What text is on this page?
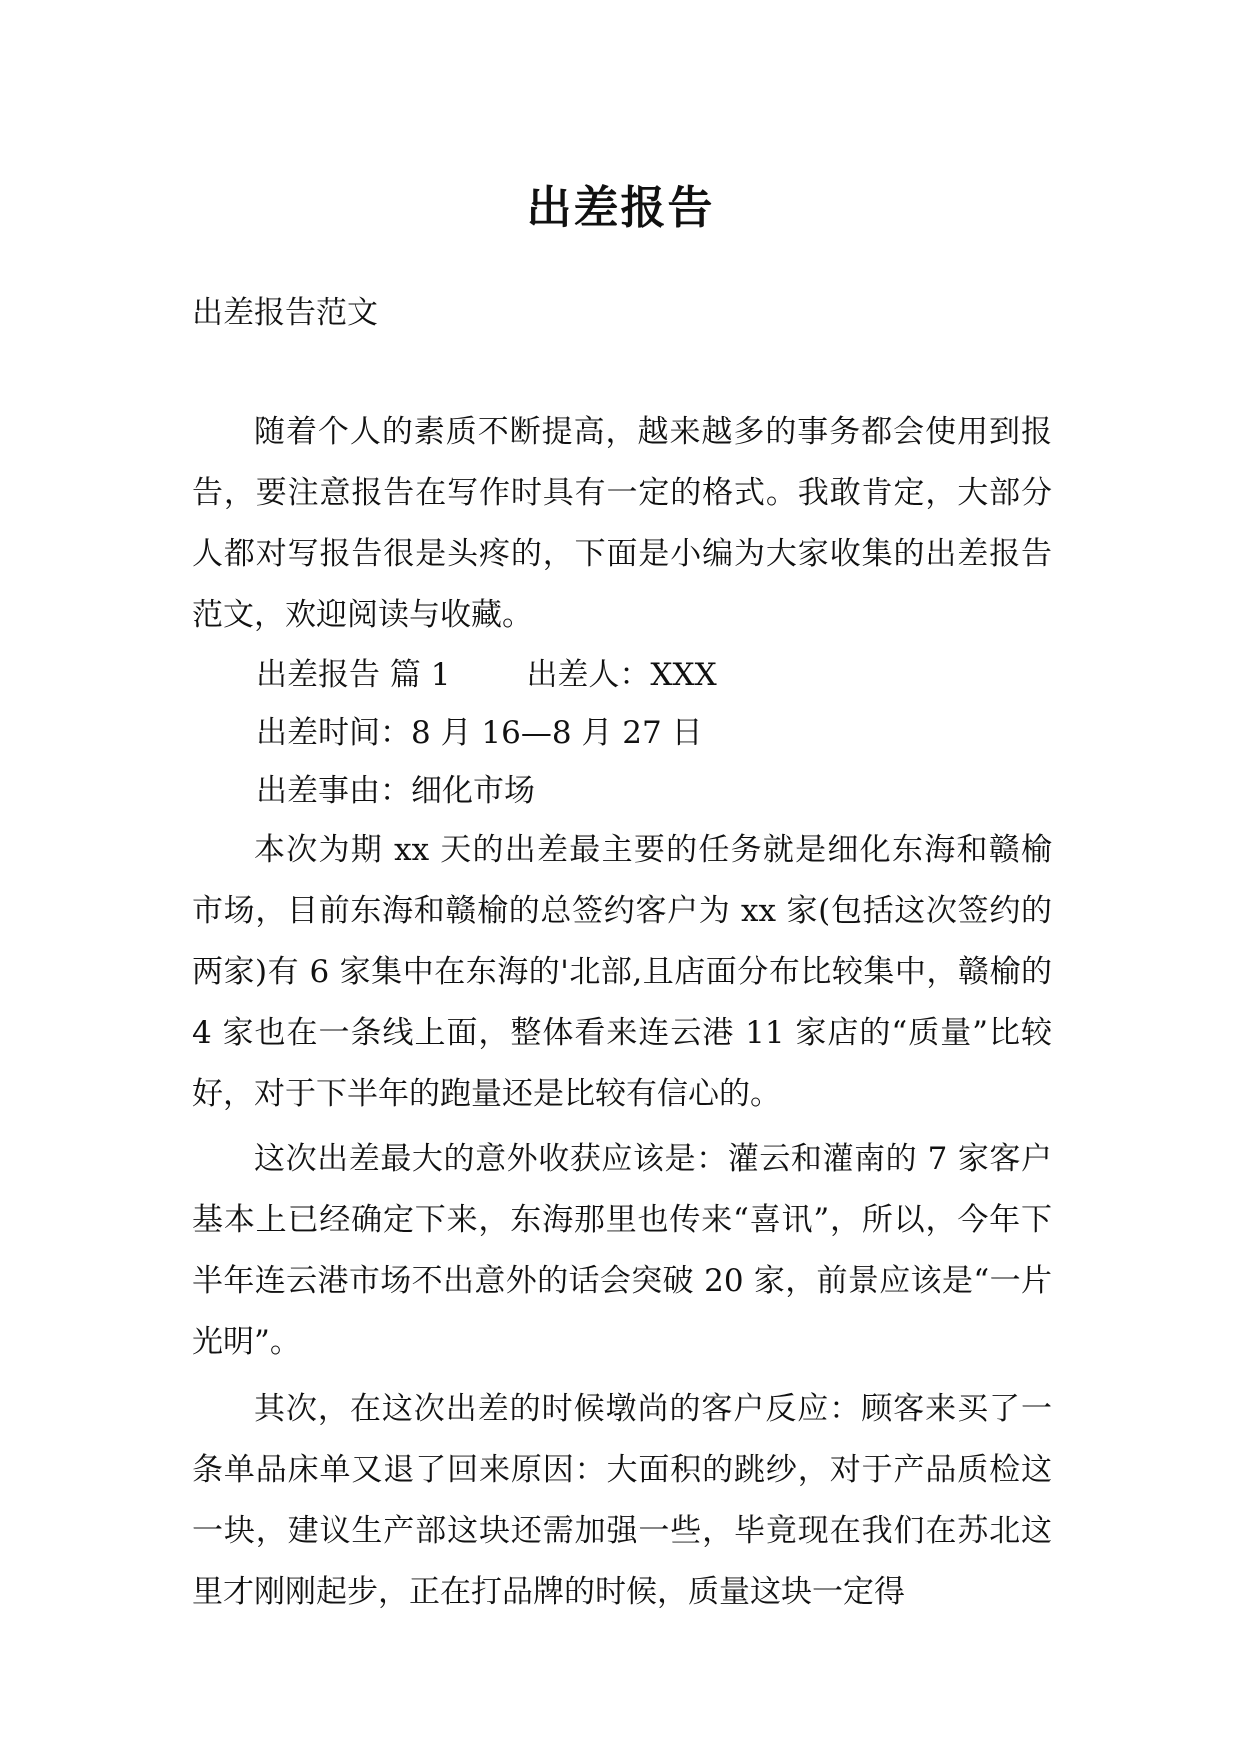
出差报告
出差报告范文

随着个人的素质不断提高，越来越多的事务都会使用到报告，要注意报告在写作时具有一定的格式。我敢肯定，大部分人都对写报告很是头疼的，下面是小编为大家收集的出差报告范文，欢迎阅读与收藏。

出差报告 篇 1 出差人：XXX

出差时间：8 月 16—8 月 27 日

出差事由：细化市场

本次为期 xx 天的出差最主要的任务就是细化东海和赣榆市场，目前东海和赣榆的总签约客户为 xx 家(包括这次签约的两家)有 6 家集中在东海的'北部,且店面分布比较集中，赣榆的 4 家也在一条线上面，整体看来连云港 11 家店的“质量”比较好，对于下半年的跑量还是比较有信心的。

这次出差最大的意外收获应该是：灌云和灌南的 7 家客户基本上已经确定下来，东海那里也传来“喜讯”，所以，今年下半年连云港市场不出意外的话会突破 20 家，前景应该是“一片光明”。

其次，在这次出差的时候墩尚的客户反应：顾客来买了一条单品床单又退了回来原因：大面积的跳纱，对于产品质检这一块，建议生产部这块还需加强一些，毕竟现在我们在苏北这里才刚刚起步，正在打品牌的时候，质量这块一定得
